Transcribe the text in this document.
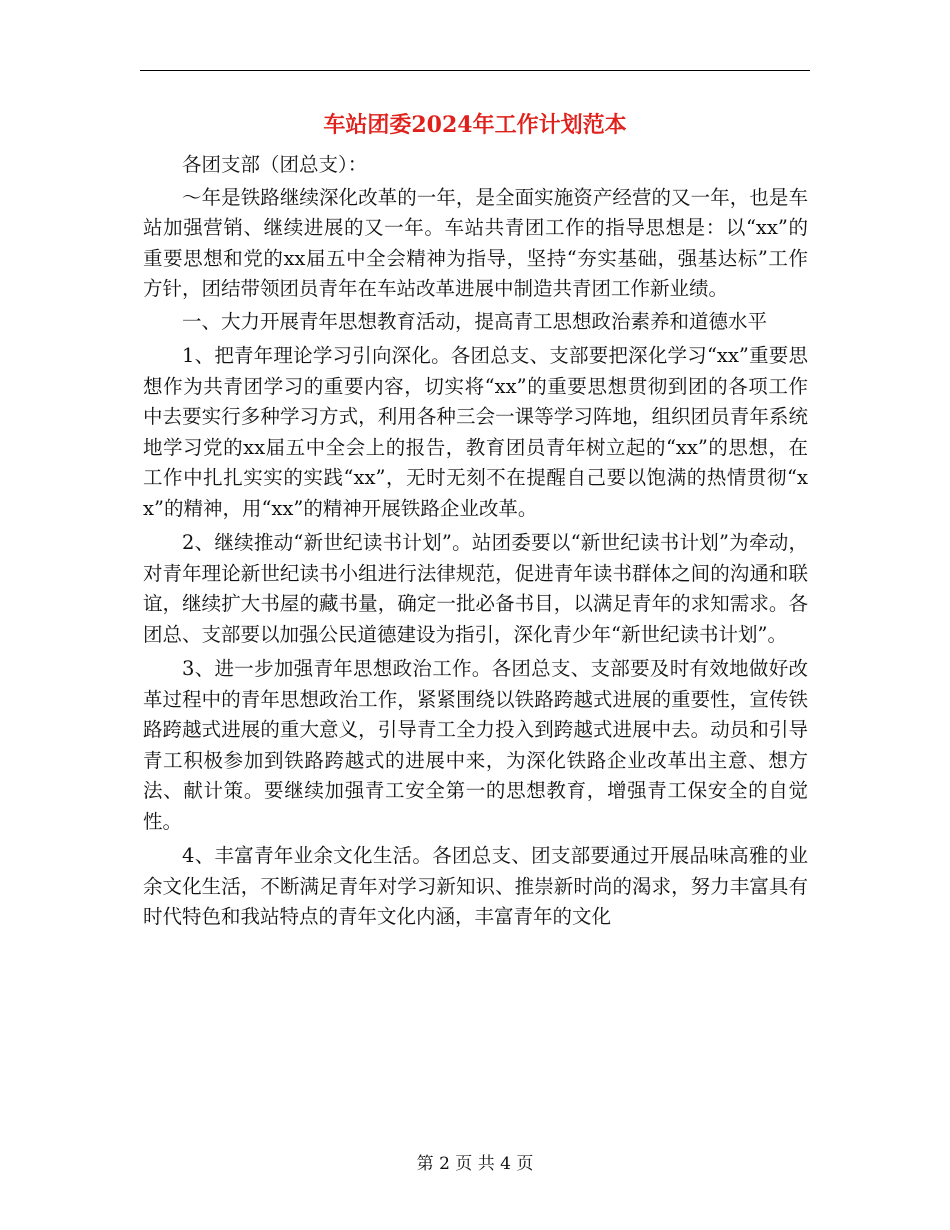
车站团委2024年工作计划范本

各团支部（团总支）：

～年是铁路继续深化改革的一年，是全面实施资产经营的又一年，也是车站加强营销、继续进展的又一年。车站共青团工作的指导思想是：以“xx”的重要思想和党的xx届五中全会精神为指导，坚持“夯实基础，强基达标”工作方针，团结带领团员青年在车站改革进展中制造共青团工作新业绩。

一、大力开展青年思想教育活动，提高青工思想政治素养和道德水平

1、把青年理论学习引向深化。各团总支、支部要把深化学习“xx”重要思想作为共青团学习的重要内容，切实将“xx”的重要思想贯彻到团的各项工作中去要实行多种学习方式，利用各种三会一课等学习阵地，组织团员青年系统地学习党的xx届五中全会上的报告，教育团员青年树立起的“xx”的思想，在工作中扎扎实实的实践“xx”，无时无刻不在提醒自己要以饱满的热情贯彻“xx”的精神，用“xx”的精神开展铁路企业改革。

2、继续推动“新世纪读书计划”。站团委要以“新世纪读书计划”为牵动，对青年理论新世纪读书小组进行法律规范，促进青年读书群体之间的沟通和联谊，继续扩大书屋的藏书量，确定一批必备书目，以满足青年的求知需求。各团总、支部要以加强公民道德建设为指引，深化青少年“新世纪读书计划”。

3、进一步加强青年思想政治工作。各团总支、支部要及时有效地做好改革过程中的青年思想政治工作，紧紧围绕以铁路跨越式进展的重要性，宣传铁路跨越式进展的重大意义，引导青工全力投入到跨越式进展中去。动员和引导青工积极参加到铁路跨越式的进展中来，为深化铁路企业改革出主意、想方法、献计策。要继续加强青工安全第一的思想教育，增强青工保安全的自觉性。

4、丰富青年业余文化生活。各团总支、团支部要通过开展品味高雅的业余文化生活，不断满足青年对学习新知识、推崇新时尚的渴求，努力丰富具有时代特色和我站特点的青年文化内涵，丰富青年的文化

第 2 页 共 4 页
